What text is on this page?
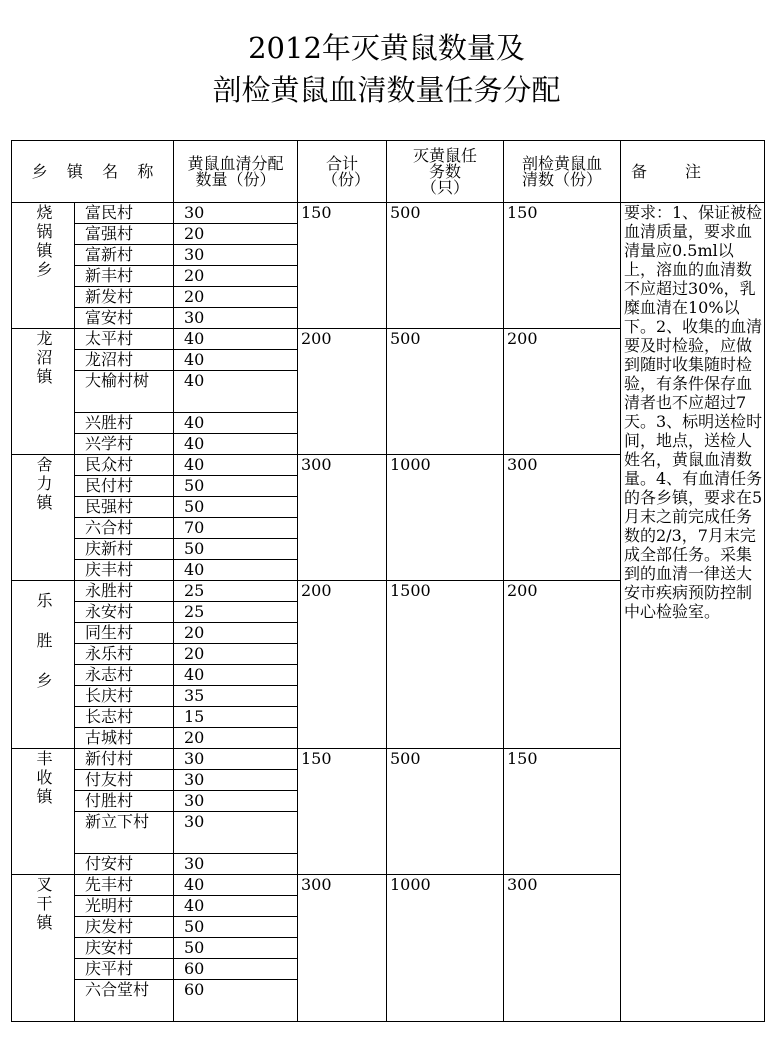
2012年灭黄鼠数量及
剖检黄鼠血清数量任务分配
乡 镇 名 称		黄鼠血清分配数量（份）	合计（份）	灭黄鼠任务数（只）	剖检黄鼠血清数（份）	备 注

烧锅镇乡	富民村	30	150	500	150	要求：1、保证被检血清质量，要求血清量应0.5ml以上，溶血的血清数不应超过30%，乳糜血清在10%以下。2、收集的血清要及时检验，应做到随时收集随时检验，有条件保存血清者也不应超过7天。3、标明送检时间，地点，送检人姓名，黄鼠血清数量。4、有血清任务的各乡镇，要求在5月末之前完成任务数的2/3，7月末完成全部任务。采集到的血清一律送大安市疾病预防控制中心检验室。
	富强村	20				
	富新村	30				
	新丰村	20				
	新发村	20				
	富安村	30				

龙沼镇	太平村	40	200	500	200	
	龙沼村	40				

	大榆村树	40				
	兴胜村	40				
	兴学村	40				

舍力镇	民众村	40	300	1000	300	
	民付村	50				
	民强村	50				
	六合村	70				
	庆新村	50				
	庆丰村	40				

乐胜乡	永胜村	25	200	1500	200	
	永安村	25				
	同生村	20				
	永乐村	20				
	永志村	40				
	长庆村	35				
	长志村	15				
	古城村	20				

丰收镇	新付村	30	150	500	150	
	付友村	30				
	付胜村	30				

	新立下村	30				
	付安村	30				

叉干镇	先丰村	40	300	1000	300	
	光明村	40				
	庆发村	50				
	庆安村	50				
	庆平村	60				

	六合堂村	60				
